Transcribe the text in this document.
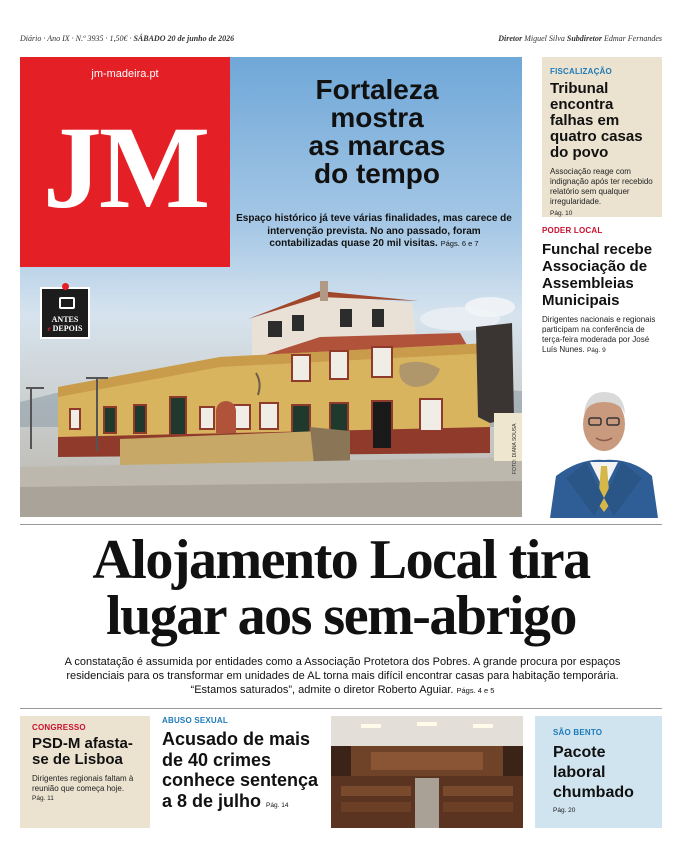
Diário · Ano IX · N.º 3935 · 1,50€ · SÁBADO 20 de junho de 2026	Diretor Miguel Silva Subdiretor Edmar Fernandes
jm-madeira.pt
JM
Fortaleza
mostra
as marcas
do tempo
Espaço histórico já teve várias finalidades, mas carece de intervenção prevista. No ano passado, foram contabilizadas quase 20 mil visitas. Págs. 6 e 7
ANTES
e DEPOIS
FOTO: DIANA SOUSA
FISCALIZAÇÃO
Tribunal encontra falhas em quatro casas do povo
Associação reage com indignação após ter recebido relatório sem qualquer irregularidade.
Pág. 10
PODER LOCAL
Funchal recebe Associação de Assembleias Municipais
Dirigentes nacionais e regionais participam na conferência de terça-feira moderada por José Luís Nunes. Pág. 9
Alojamento Local tira
lugar aos sem-abrigo
A constatação é assumida por entidades como a Associação Protetora dos Pobres. A grande procura por espaços residenciais para os transformar em unidades de AL torna mais difícil encontrar casas para habitação temporária. “Estamos saturados”, admite o diretor Roberto Aguiar. Págs. 4 e 5
CONGRESSO
PSD-M afasta-se de Lisboa
Dirigentes regionais faltam à reunião que começa hoje.
Pág. 11
ABUSO SEXUAL
Acusado de mais de 40 crimes conhece sentença a 8 de julho Pág. 14
SÃO BENTO
Pacote laboral chumbado
Pág. 20
